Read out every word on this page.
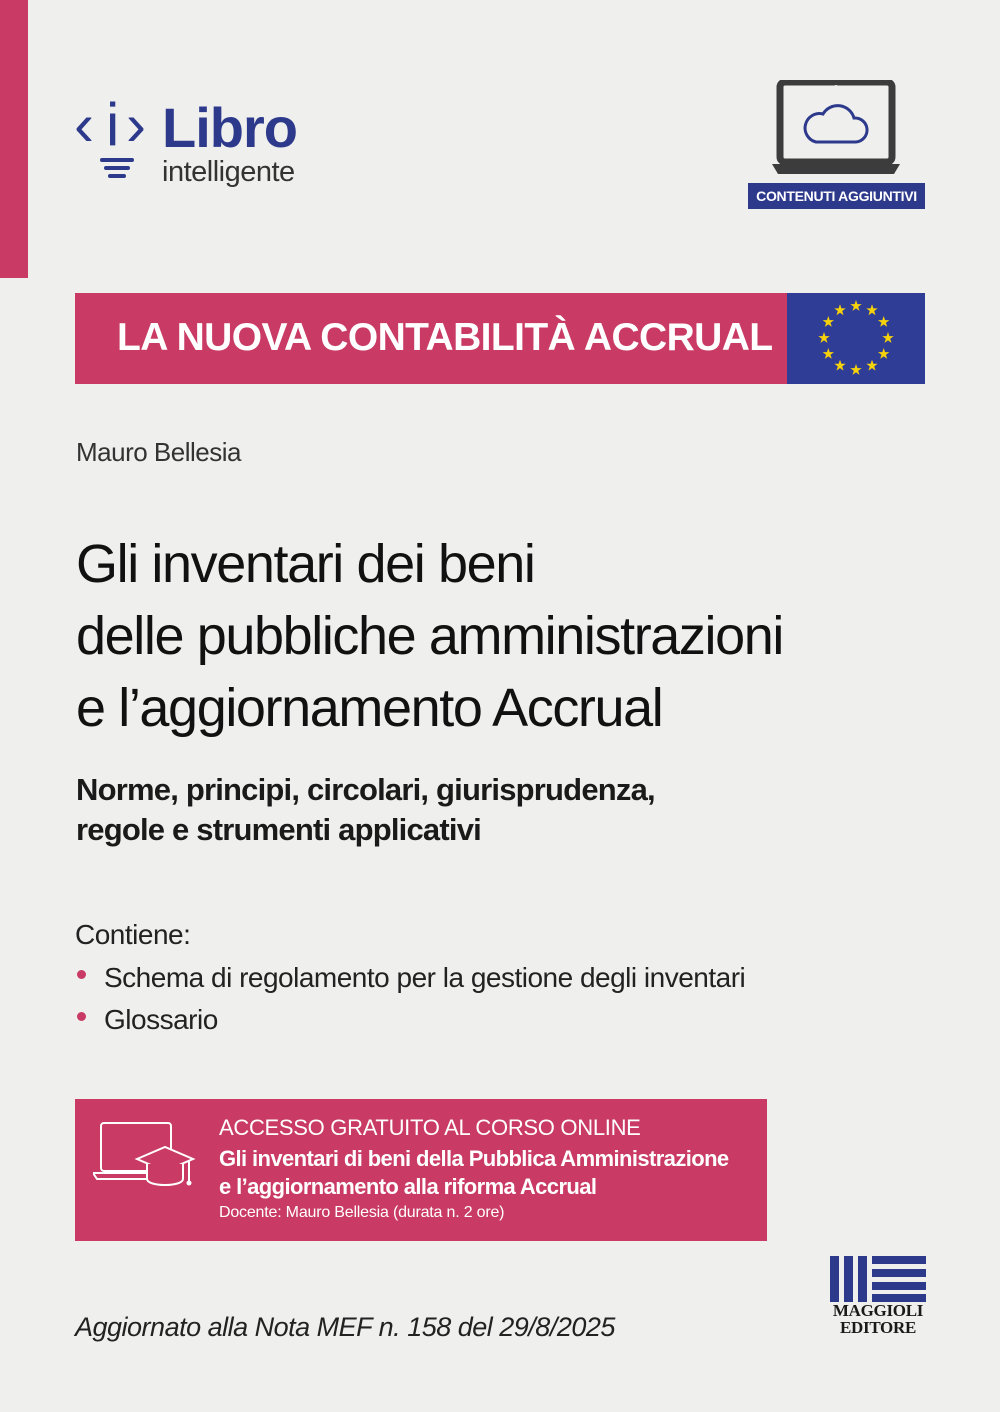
‹ i › Libro
intelligente
CONTENUTI AGGIUNTIVI
LA NUOVA CONTABILITÀ ACCRUAL
Mauro Bellesia
Gli inventari dei beni
delle pubbliche amministrazioni
e l’aggiornamento Accrual
Norme, principi, circolari, giurisprudenza,
regole e strumenti applicativi
Contiene:
Schema di regolamento per la gestione degli inventari
Glossario
ACCESSO GRATUITO AL CORSO ONLINE
Gli inventari di beni della Pubblica Amministrazione
e l’aggiornamento alla riforma Accrual
Docente: Mauro Bellesia (durata n. 2 ore)
Aggiornato alla Nota MEF n. 158 del 29/8/2025
MAGGIOLI
EDITORE
